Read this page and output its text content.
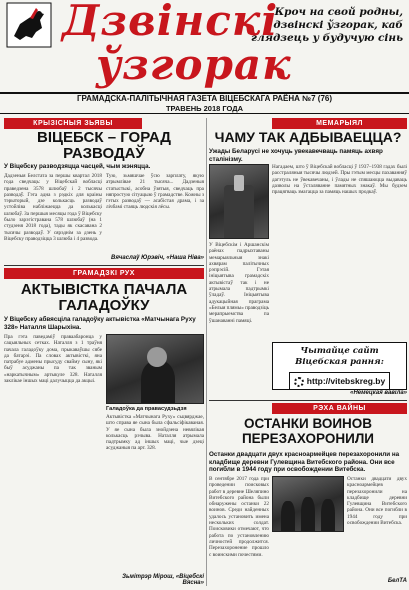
Дзвінскі
ўзгорак
Кроч на свой родны, дзвінскі ўзгорак, каб глядзець у будучую сінь
ГРАМАДСКА-ПАЛІТЫЧНАЯ ГАЗЕТА ВІЦЕБСКАГА РАЁНА №7 (76)
ТРАВЕНЬ 2018 ГОДА
КРЫЗІСНЫЯ ЗЬЯВЫ
ВІЦЕБСК – ГОРАД РАЗВОДАЎ
У Віцебску разводзяцца часцей, чым жэняцца.
Дадзеныя Белстата за першы квартал 2018 года сведчаць: у Віцебскай вобласці праведзена 3578 шлюбаў і 2 тысячы разводаў. Гэта адна з рэдкіх для краіны тэрыторый, дзе колькасць разводаў устойліва набліжаецца да колькасці шлюбаў. За першыя месяцы года ў Віцебску было зарэгістравана 578 шлюбаў (на 1 студзеня 2018 года), тады як скасавана 2 тысячы разводаў. У сярэднім за дзень у Віцебску праводзіцца 3 шлюба і 4 развода.
Тую, зьмяшчае ўсю зарплату, якую атрымлівае 21 тысяча... Дадзеныя статыстыкі, асобна ўзятыя, сведчаць пра няпростую сітуацыю ў грамадстве. Кожны з гэтых разводаў — асабістая драма, і за лічбамі стаяць людскія лёсы.
Вячаслаў Юрэвіч, «Наша Ніва»
ГРАМАДЗКІ РУХ
АКТЫВІСТКА ПАЧАЛА ГАЛАДОЎКУ
У Віцебску абвясціла галадоўку актывістка «Матчынага Руху 328» Наталля Шарыхіна.
Пра гэта паведаміў праваабаронца у сацыяльных сетках. Наталля з 1 траўня пачала галадоўку дома, прыкаваўшы сябе да батарэі. Па словах актывісткі, яна патрабуе адмены прысуду свайму сыну, які быў асуджаны па так званым «наркатычным» артыкуле 328. Наталля заклікае іншых маці далучыцца да акцыі.
Галадоўка да правасудзьдзя
Актывістка «Матчынага Руху» сьцвярджае, што справа яе сына была сфальсіфікаваная. У яе сына была знойдзена невялікая колькасць рэчыва. Наталля атрымала падтрымку ад іншых маці, чые дзеці асуджаныя па арт. 328.
Зьмітрэр Мірош, «Віцебскі Вясна»
МЕМАРЫЯЛ
ЧАМУ ТАК АДБЫВАЕЦЦА?
Ужады Беларусі не хочуць увекавечваць памяць ахвяр сталінізму.
У Віцебскім і Аршанскім раёнах падрыхтаваны мемарыяльныя знакі ахвярам палітычных рэпрэсій. Гэтая ініцыятыва грамадскіх актывістаў так і не атрымала падтрымкі ўладаў. Ініцыятыва адукацыйная праграма «Белыя плямы» праводзіць мерапрыемства па ўшанаванні памяці.
Нагадаем, што ў Віцебскай вобласці ў 1937–1938 гадах былі расстраляныя тысячы людзей. Пры гэтым месцы пахаванняў дагэтуль не ўвекавечаны, і ўлады не спяшаюцца выдаваць дазволы на ўсталяванне памятных знакаў. Мы будзем працягваць змагацца за памяць нашых продкаў.
«Немецкая вавіла»
Чытайце сайт Віцебская рання:
http://vitebskreg.by
РЭХА ВАЙНЫ
ОСТАНКИ ВОИНОВ ПЕРЕЗАХОРОНИЛИ
Останки двадцати двух красноармейцев перезахоронили на кладбище деревни Гулевщина Витебского района. Они все погибли в 1944 году при освобождении Витебска.
В сентябре 2017 года при проведении поисковых работ в деревне Шеляпино Витебского района были обнаружены останки 22 воинов. Среди найденных удалось установить имена нескольких солдат. Поисковики отмечают, что работа по установлению личностей продолжится. Перезахоронение прошло с воинскими почестями.
Останки двадцати двух красноармейцев перезахоронили на кладбище деревни Гулевщина Витебского района. Они все погибли в 1944 году при освобождении Витебска.
БелТА
